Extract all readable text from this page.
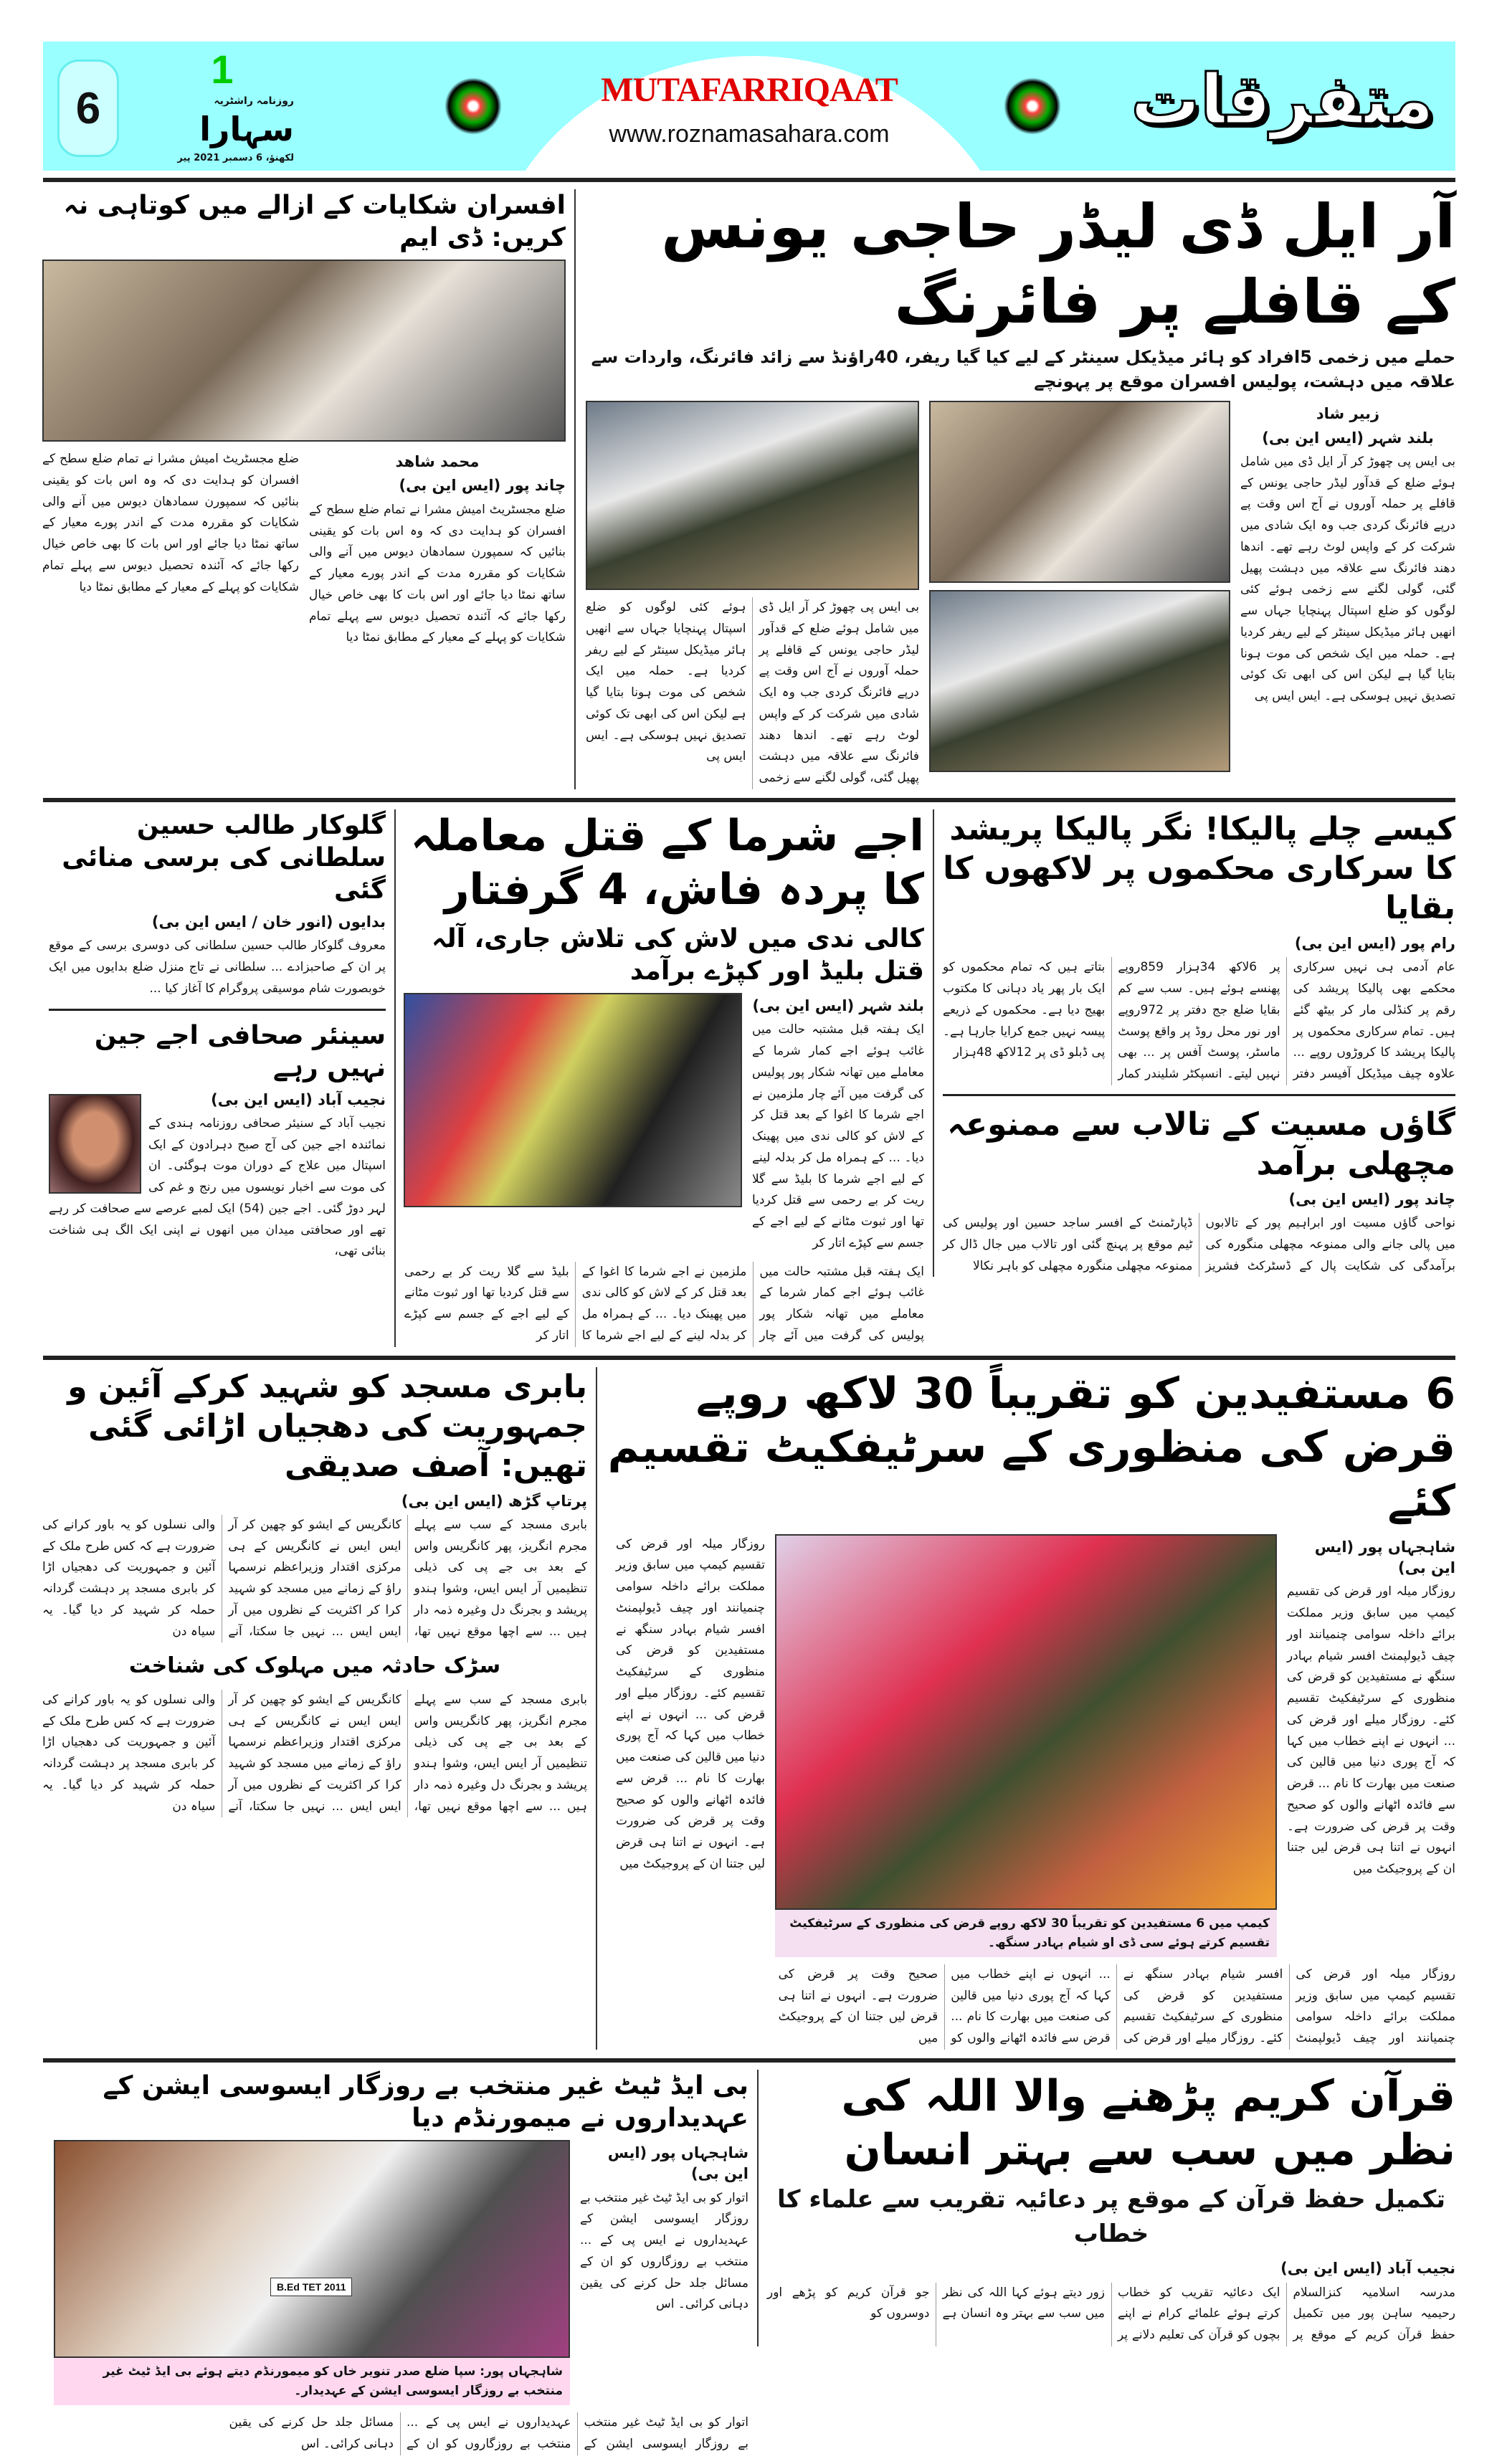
MUTAFARRIQAAT
www.roznamasahara.com
6
1
روزنامہ راشٹریہ
سہارا
لکھنؤ، 6 دسمبر 2021 پیر
متفرقات
آر ایل ڈی لیڈر حاجی یونس کے قافلے پر فائرنگ
حملے میں زخمی 5افراد کو ہائر میڈیکل سینٹر کے لیے کیا گیا ریفر، 40راؤنڈ سے زائد فائرنگ، واردات سے علاقہ میں دہشت، پولیس افسران موقع پر پہونچے
زبیر شاد
بلند شہر (ایس این بی)
بی ایس پی چھوڑ کر آر ایل ڈی میں شامل ہوئے ضلع کے قدآور لیڈر حاجی یونس کے قافلے پر حملہ آوروں نے آج اس وقت پے درپے فائرنگ کردی جب وہ ایک شادی میں شرکت کر کے واپس لوٹ رہے تھے۔ اندھا دھند فائرنگ سے علاقہ میں دہشت پھیل گئی، گولی لگنے سے زخمی ہوئے کئی لوگوں کو ضلع اسپتال پہنچایا جہاں سے انھیں ہائر میڈیکل سینٹر کے لیے ریفر کردیا ہے۔ حملہ میں ایک شخص کی موت ہونا بتایا گیا ہے لیکن اس کی ابھی تک کوئی تصدیق نہیں ہوسکی ہے۔ ایس ایس پی
بی ایس پی چھوڑ کر آر ایل ڈی میں شامل ہوئے ضلع کے قدآور لیڈر حاجی یونس کے قافلے پر حملہ آوروں نے آج اس وقت پے درپے فائرنگ کردی جب وہ ایک شادی میں شرکت کر کے واپس لوٹ رہے تھے۔ اندھا دھند فائرنگ سے علاقہ میں دہشت پھیل گئی، گولی لگنے سے زخمی ہوئے کئی لوگوں کو ضلع اسپتال پہنچایا جہاں سے انھیں ہائر میڈیکل سینٹر کے لیے ریفر کردیا ہے۔ حملہ میں ایک شخص کی موت ہونا بتایا گیا ہے لیکن اس کی ابھی تک کوئی تصدیق نہیں ہوسکی ہے۔ ایس ایس پی
افسران شکایات کے ازالے میں کوتاہی نہ کریں: ڈی ایم
محمد شاھد
چاند پور (ایس این بی)
ضلع مجسٹریٹ امیش مشرا نے تمام ضلع سطح کے افسران کو ہدایت دی کہ وہ اس بات کو یقینی بنائیں کہ سمپورن سمادھان دیوس میں آنے والی شکایات کو مقررہ مدت کے اندر پورے معیار کے ساتھ نمٹا دیا جائے اور اس بات کا بھی خاص خیال رکھا جائے کہ آئندہ تحصیل دیوس سے پہلے تمام شکایات کو پہلے کے معیار کے مطابق نمٹا دیا
ضلع مجسٹریٹ امیش مشرا نے تمام ضلع سطح کے افسران کو ہدایت دی کہ وہ اس بات کو یقینی بنائیں کہ سمپورن سمادھان دیوس میں آنے والی شکایات کو مقررہ مدت کے اندر پورے معیار کے ساتھ نمٹا دیا جائے اور اس بات کا بھی خاص خیال رکھا جائے کہ آئندہ تحصیل دیوس سے پہلے تمام شکایات کو پہلے کے معیار کے مطابق نمٹا دیا
کیسے چلے پالیکا! نگر پالیکا پریشد کا سرکاری محکموں پر لاکھوں کا بقایا
رام پور (ایس این بی)
عام آدمی ہی نہیں سرکاری محکمے بھی پالیکا پریشد کی رقم پر کنڈلی مار کر بیٹھ گئے ہیں۔ تمام سرکاری محکموں پر پالیکا پریشد کا کروڑوں روپے ... علاوہ چیف میڈیکل آفیسر دفتر پر 6لاکھ 34ہزار 859روپے پھنسے ہوئے ہیں۔ سب سے کم بقایا ضلع جج دفتر پر 972روپے اور نور محل روڈ پر واقع پوسٹ ماسٹر، پوسٹ آفس پر ... بھی نہیں لیتے۔ انسپکٹر شلیندر کمار بتاتے ہیں کہ تمام محکموں کو ایک بار پھر یاد دہانی کا مکتوب بھیج دیا ہے۔ محکموں کے ذریعے پیسہ نہیں جمع کرایا جارہا ہے۔ پی ڈبلو ڈی پر 12لاکھ 48ہزار
گاؤں مسیت کے تالاب سے ممنوعہ مچھلی برآمد
چاند پور (ایس این بی)
نواحی گاؤں مسیت اور ابراہیم پور کے تالابوں میں پالی جانے والی ممنوعہ مچھلی منگورہ کی برآمدگی کی شکایت پال کے ڈسٹرکٹ فشریز ڈپارٹمنٹ کے افسر ساجد حسین اور پولیس کی ٹیم موقع پر پہنچ گئی اور تالاب میں جال ڈال کر ممنوعہ مچھلی منگورہ مچھلی کو باہر نکالا
اجے شرما کے قتل معاملہ کا پردہ فاش، 4 گرفتار
کالی ندی میں لاش کی تلاش جاری، آلہ قتل بلیڈ اور کپڑے برآمد
بلند شہر (ایس این بی)
ایک ہفتہ قبل مشتبہ حالت میں غائب ہوئے اجے کمار شرما کے معاملے میں تھانہ شکار پور پولیس کی گرفت میں آئے چار ملزمین نے اجے شرما کا اغوا کے بعد قتل کر کے لاش کو کالی ندی میں پھینک دیا۔ ... کے ہمراہ مل کر بدلہ لینے کے لیے اجے شرما کا بلیڈ سے گلا ریت کر بے رحمی سے قتل کردیا تھا اور ثبوت مٹانے کے لیے اجے کے جسم سے کپڑے اتار کر
ایک ہفتہ قبل مشتبہ حالت میں غائب ہوئے اجے کمار شرما کے معاملے میں تھانہ شکار پور پولیس کی گرفت میں آئے چار ملزمین نے اجے شرما کا اغوا کے بعد قتل کر کے لاش کو کالی ندی میں پھینک دیا۔ ... کے ہمراہ مل کر بدلہ لینے کے لیے اجے شرما کا بلیڈ سے گلا ریت کر بے رحمی سے قتل کردیا تھا اور ثبوت مٹانے کے لیے اجے کے جسم سے کپڑے اتار کر
گلوکار طالب حسین سلطانی کی برسی منائی گئی
بدایوں (انور خان / ایس این بی)
معروف گلوکار طالب حسین سلطانی کی دوسری برسی کے موقع پر ان کے صاحبزادے ... سلطانی نے تاج منزل ضلع بدایوں میں ایک خوبصورت شام موسیقی پروگرام کا آغاز کیا ...
سینئر صحافی اجے جین نہیں رہے
نجیب آباد (ایس این بی)
نجیب آباد کے سنیئر صحافی روزنامہ ہندی کے نمائندہ اجے جین کی آج صبح دہرادون کے ایک اسپتال میں علاج کے دوران موت ہوگئی۔ ان کی موت سے اخبار نویسوں میں رنج و غم کی لہر دوڑ گئی۔ اجے جین (54) ایک لمبے عرصے سے صحافت کر رہے تھے اور صحافتی میدان میں انھوں نے اپنی ایک الگ ہی شناخت بنائی تھی،
6 مستفیدین کو تقریباً 30 لاکھ روپے قرض کی منظوری کے سرٹیفکیٹ تقسیم کئے
شاہجہاں پور (ایس این بی)
روزگار میلہ اور قرض کی تقسیم کیمپ میں سابق وزیر مملکت برائے داخلہ سوامی چنمیانند اور چیف ڈیولپمنٹ افسر شیام بہادر سنگھ نے مستفیدین کو قرض کی منظوری کے سرٹیفکیٹ تقسیم کئے۔ روزگار میلے اور قرض کی ... انہوں نے اپنے خطاب میں کہا کہ آج پوری دنیا میں قالین کی صنعت میں بھارت کا نام ... قرض سے فائدہ اٹھانے والوں کو صحیح وقت پر قرض کی ضرورت ہے۔ انہوں نے اتنا ہی قرض لیں جتنا ان کے پروجیکٹ میں
کیمپ میں 6 مستفیدین کو تقریباً 30 لاکھ روپے قرض کی منظوری کے سرٹیفکیٹ تقسیم کرتے ہوئے سی ڈی او شیام بہادر سنگھ۔
روزگار میلہ اور قرض کی تقسیم کیمپ میں سابق وزیر مملکت برائے داخلہ سوامی چنمیانند اور چیف ڈیولپمنٹ افسر شیام بہادر سنگھ نے مستفیدین کو قرض کی منظوری کے سرٹیفکیٹ تقسیم کئے۔ روزگار میلے اور قرض کی ... انہوں نے اپنے خطاب میں کہا کہ آج پوری دنیا میں قالین کی صنعت میں بھارت کا نام ... قرض سے فائدہ اٹھانے والوں کو صحیح وقت پر قرض کی ضرورت ہے۔ انہوں نے اتنا ہی قرض لیں جتنا ان کے پروجیکٹ میں
روزگار میلہ اور قرض کی تقسیم کیمپ میں سابق وزیر مملکت برائے داخلہ سوامی چنمیانند اور چیف ڈیولپمنٹ افسر شیام بہادر سنگھ نے مستفیدین کو قرض کی منظوری کے سرٹیفکیٹ تقسیم کئے۔ روزگار میلے اور قرض کی ... انہوں نے اپنے خطاب میں کہا کہ آج پوری دنیا میں قالین کی صنعت میں بھارت کا نام ... قرض سے فائدہ اٹھانے والوں کو صحیح وقت پر قرض کی ضرورت ہے۔ انہوں نے اتنا ہی قرض لیں جتنا ان کے پروجیکٹ میں
بابری مسجد کو شہید کرکے آئین و جمہوریت کی دھجیاں اڑائی گئی تھیں: آصف صدیقی
پرتاپ گڑھ (ایس این بی)
بابری مسجد کے سب سے پہلے مجرم انگریز، پھر کانگریس واس کے بعد بی جے پی کی ذیلی تنظیمیں آر ایس ایس، وشوا ہندو پریشد و بجرنگ دل وغیرہ ذمہ دار ہیں ... سے اچھا موقع نہیں تھا، کانگریس کے ایشو کو چھین کر آر ایس ایس نے کانگریس کے ہی مرکزی اقتدار وزیراعظم نرسمہا راؤ کے زمانے میں مسجد کو شہید کرا کر اکثریت کے نظروں میں آر ایس ایس ... نہیں جا سکتا، آنے والی نسلوں کو یہ باور کرانے کی ضرورت ہے کہ کس طرح ملک کے آئین و جمہوریت کی دھجیاں اڑا کر بابری مسجد پر دہشت گردانہ حملہ کر شہید کر دیا گیا۔ یہ سیاہ دن
سڑک حادثہ میں مہلوک کی شناخت
بابری مسجد کے سب سے پہلے مجرم انگریز، پھر کانگریس واس کے بعد بی جے پی کی ذیلی تنظیمیں آر ایس ایس، وشوا ہندو پریشد و بجرنگ دل وغیرہ ذمہ دار ہیں ... سے اچھا موقع نہیں تھا، کانگریس کے ایشو کو چھین کر آر ایس ایس نے کانگریس کے ہی مرکزی اقتدار وزیراعظم نرسمہا راؤ کے زمانے میں مسجد کو شہید کرا کر اکثریت کے نظروں میں آر ایس ایس ... نہیں جا سکتا، آنے والی نسلوں کو یہ باور کرانے کی ضرورت ہے کہ کس طرح ملک کے آئین و جمہوریت کی دھجیاں اڑا کر بابری مسجد پر دہشت گردانہ حملہ کر شہید کر دیا گیا۔ یہ سیاہ دن
قرآن کریم پڑھنے والا اللہ کی نظر میں سب سے بہتر انسان
تکمیل حفظ قرآن کے موقع پر دعائیہ تقریب سے علماء کا خطاب
نجیب آباد (ایس این بی)
مدرسہ اسلامیہ کنزالسلام رحیمیہ ساہن پور میں تکمیل حفظ قرآن کریم کے موقع پر ایک دعائیہ تقریب کو خطاب کرتے ہوئے علمائے کرام نے اپنے بچوں کو قرآن کی تعلیم دلانے پر زور دیتے ہوئے کہا اللہ کی نظر میں سب سے بہتر وہ انسان ہے جو قرآن کریم کو پڑھے اور دوسروں کو
بی ایڈ ٹیٹ غیر منتخب بے روزگار ایسوسی ایشن کے عہدیداروں نے میمورنڈم دیا
شاہجہاں پور (ایس این بی)
اتوار کو بی ایڈ ٹیٹ غیر منتخب بے روزگار ایسوسی ایشن کے عہدیداروں نے ایس پی کے ... منتخب بے روزگاروں کو ان کے مسائل جلد حل کرنے کی یقین دہانی کرائی۔ اس
B.Ed TET 2011
شاہجہاں پور: سپا ضلع صدر تنویر خاں کو میمورنڈم دیتے ہوئے بی ایڈ ٹیٹ غیر منتخب بے روزگار ایسوسی ایشن کے عہدیدار۔
اتوار کو بی ایڈ ٹیٹ غیر منتخب بے روزگار ایسوسی ایشن کے عہدیداروں نے ایس پی کے ... منتخب بے روزگاروں کو ان کے مسائل جلد حل کرنے کی یقین دہانی کرائی۔ اس
